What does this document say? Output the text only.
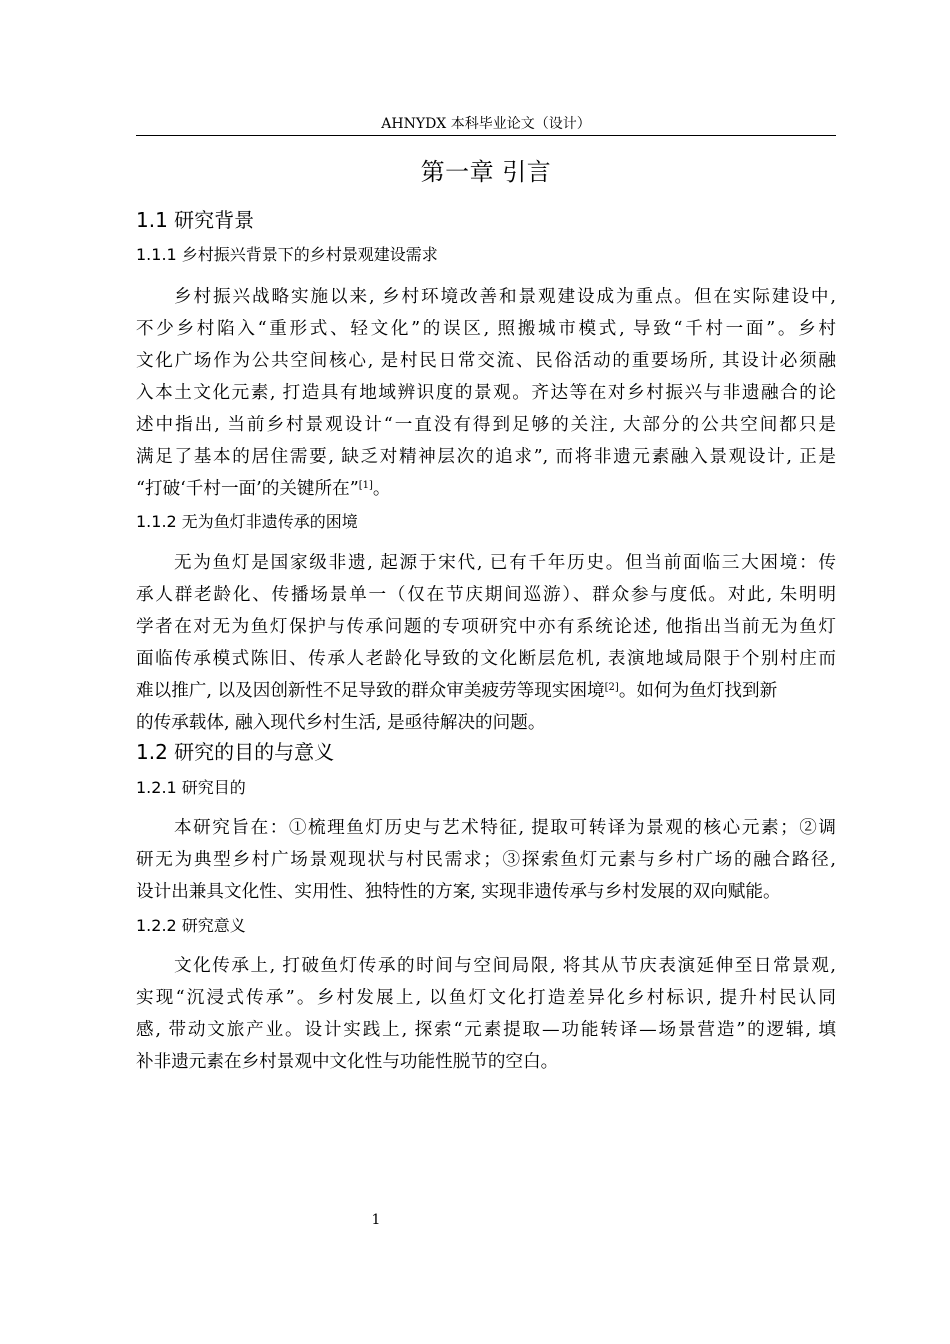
AHNYDX 本科毕业论文（设计）
第一章 引言
1.1 研究背景
1.1.1 乡村振兴背景下的乡村景观建设需求
乡村振兴战略实施以来, 乡村环境改善和景观建设成为重点。但在实际建设中,
不少乡村陷入“重形式、轻文化”的误区, 照搬城市模式, 导致“千村一面”。乡村
文化广场作为公共空间核心, 是村民日常交流、民俗活动的重要场所, 其设计必须融
入本土文化元素, 打造具有地域辨识度的景观。齐达等在对乡村振兴与非遗融合的论
述中指出, 当前乡村景观设计“一直没有得到足够的关注, 大部分的公共空间都只是
满足了基本的居住需要, 缺乏对精神层次的追求”, 而将非遗元素融入景观设计, 正是
“打破‘千村一面’的关键所在”[1]。
1.1.2 无为鱼灯非遗传承的困境
无为鱼灯是国家级非遗, 起源于宋代, 已有千年历史。但当前面临三大困境：传
承人群老龄化、传播场景单一（仅在节庆期间巡游）、群众参与度低。对此, 朱明明
学者在对无为鱼灯保护与传承问题的专项研究中亦有系统论述, 他指出当前无为鱼灯
面临传承模式陈旧、传承人老龄化导致的文化断层危机, 表演地域局限于个别村庄而
难以推广, 以及因创新性不足导致的群众审美疲劳等现实困境[2]。如何为鱼灯找到新
的传承载体, 融入现代乡村生活, 是亟待解决的问题。
1.2 研究的目的与意义
1.2.1 研究目的
本研究旨在：①梳理鱼灯历史与艺术特征, 提取可转译为景观的核心元素；②调
研无为典型乡村广场景观现状与村民需求；③探索鱼灯元素与乡村广场的融合路径,
设计出兼具文化性、实用性、独特性的方案, 实现非遗传承与乡村发展的双向赋能。
1.2.2 研究意义
文化传承上, 打破鱼灯传承的时间与空间局限, 将其从节庆表演延伸至日常景观,
实现“沉浸式传承”。乡村发展上, 以鱼灯文化打造差异化乡村标识, 提升村民认同
感, 带动文旅产业。设计实践上, 探索“元素提取—功能转译—场景营造”的逻辑, 填
补非遗元素在乡村景观中文化性与功能性脱节的空白。
1
